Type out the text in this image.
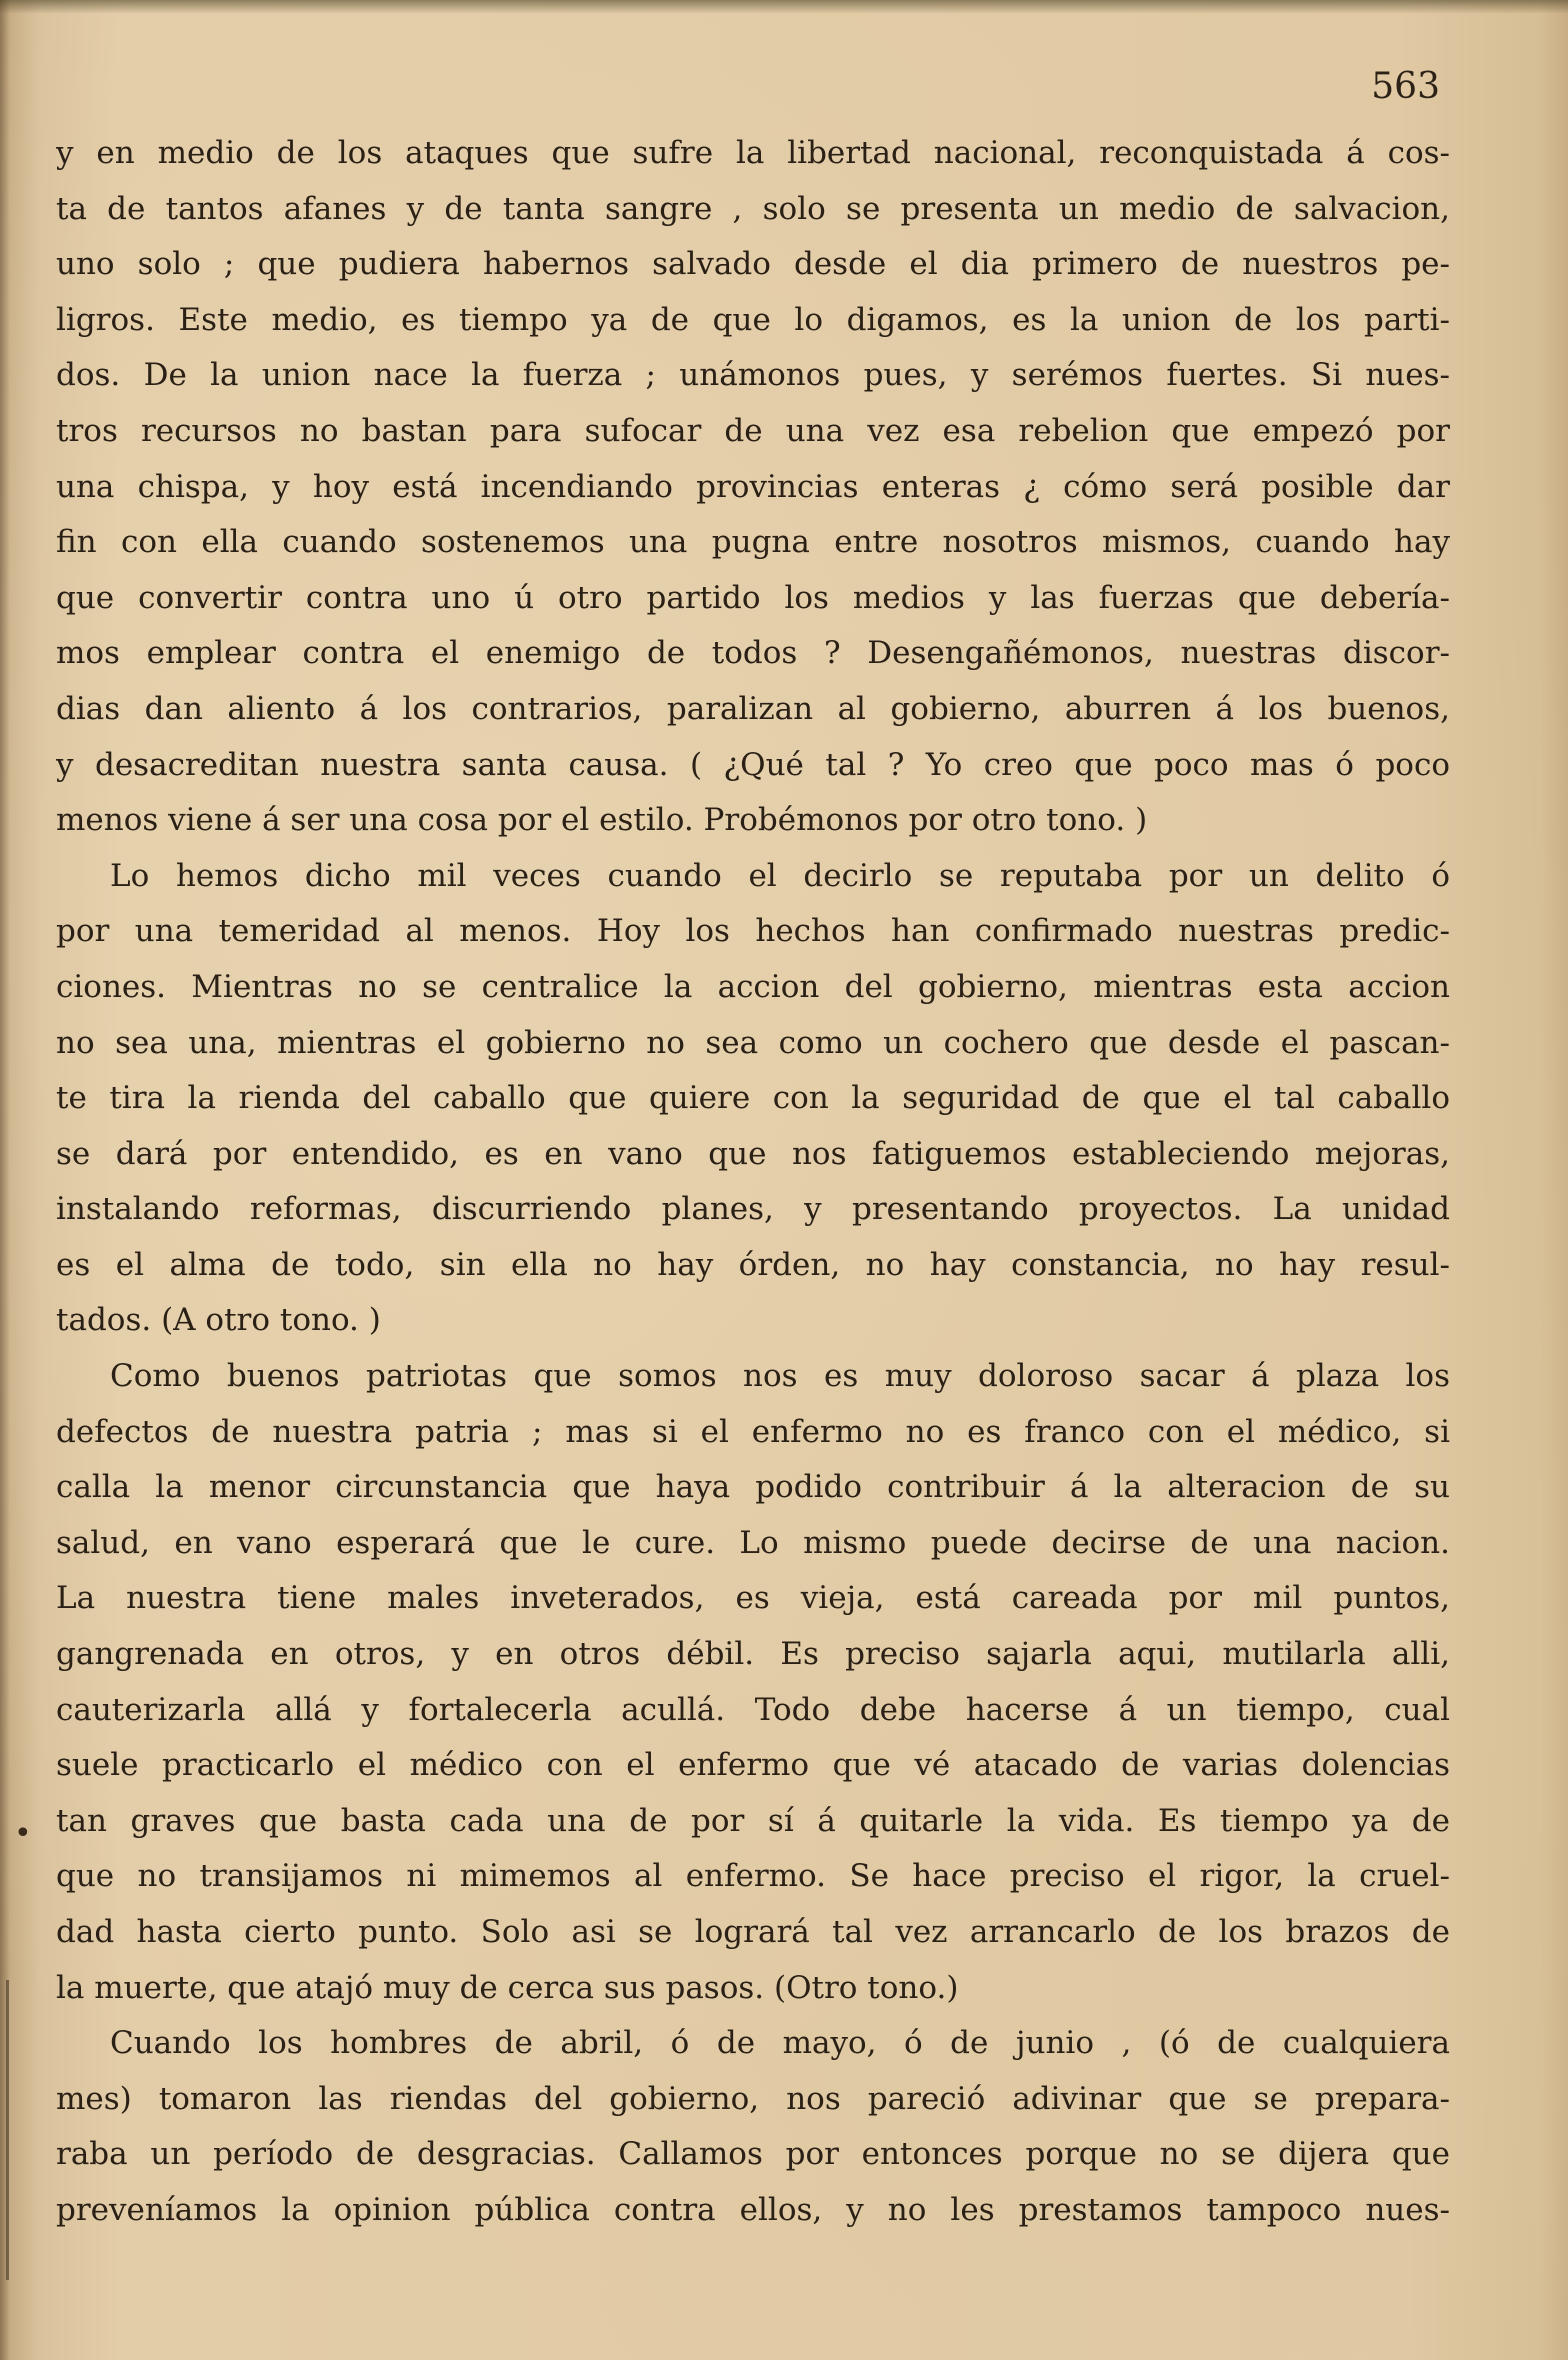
563
•
y en medio de los ataques que sufre la libertad nacional, reconquistada á cos-
ta de tantos afanes y de tanta sangre , solo se presenta un medio de salvacion,
uno solo ; que pudiera habernos salvado desde el dia primero de nuestros pe-
ligros. Este medio, es tiempo ya de que lo digamos, es la union de los parti-
dos. De la union nace la fuerza ; unámonos pues, y serémos fuertes. Si nues-
tros recursos no bastan para sufocar de una vez esa rebelion que empezó por
una chispa, y hoy está incendiando provincias enteras ¿ cómo será posible dar
fin con ella cuando sostenemos una pugna entre nosotros mismos, cuando hay
que convertir contra uno ú otro partido los medios y las fuerzas que debería-
mos emplear contra el enemigo de todos ? Desengañémonos, nuestras discor-
dias dan aliento á los contrarios, paralizan al gobierno, aburren á los buenos,
y desacreditan nuestra santa causa. ( ¿Qué tal ? Yo creo que poco mas ó poco
menos viene á ser una cosa por el estilo. Probémonos por otro tono. )
Lo hemos dicho mil veces cuando el decirlo se reputaba por un delito ó
por una temeridad al menos. Hoy los hechos han confirmado nuestras predic-
ciones. Mientras no se centralice la accion del gobierno, mientras esta accion
no sea una, mientras el gobierno no sea como un cochero que desde el pascan-
te tira la rienda del caballo que quiere con la seguridad de que el tal caballo
se dará por entendido, es en vano que nos fatiguemos estableciendo mejoras,
instalando reformas, discurriendo planes, y presentando proyectos. La unidad
es el alma de todo, sin ella no hay órden, no hay constancia, no hay resul-
tados. (A otro tono. )
Como buenos patriotas que somos nos es muy doloroso sacar á plaza los
defectos de nuestra patria ; mas si el enfermo no es franco con el médico, si
calla la menor circunstancia que haya podido contribuir á la alteracion de su
salud, en vano esperará que le cure. Lo mismo puede decirse de una nacion.
La nuestra tiene males inveterados, es vieja, está careada por mil puntos,
gangrenada en otros, y en otros débil. Es preciso sajarla aqui, mutilarla alli,
cauterizarla allá y fortalecerla acullá. Todo debe hacerse á un tiempo, cual
suele practicarlo el médico con el enfermo que vé atacado de varias dolencias
tan graves que basta cada una de por sí á quitarle la vida. Es tiempo ya de
que no transijamos ni mimemos al enfermo. Se hace preciso el rigor, la cruel-
dad hasta cierto punto. Solo asi se logrará tal vez arrancarlo de los brazos de
la muerte, que atajó muy de cerca sus pasos. (Otro tono.)
Cuando los hombres de abril, ó de mayo, ó de junio , (ó de cualquiera
mes) tomaron las riendas del gobierno, nos pareció adivinar que se prepara-
raba un período de desgracias. Callamos por entonces porque no se dijera que
preveníamos la opinion pública contra ellos, y no les prestamos tampoco nues-
